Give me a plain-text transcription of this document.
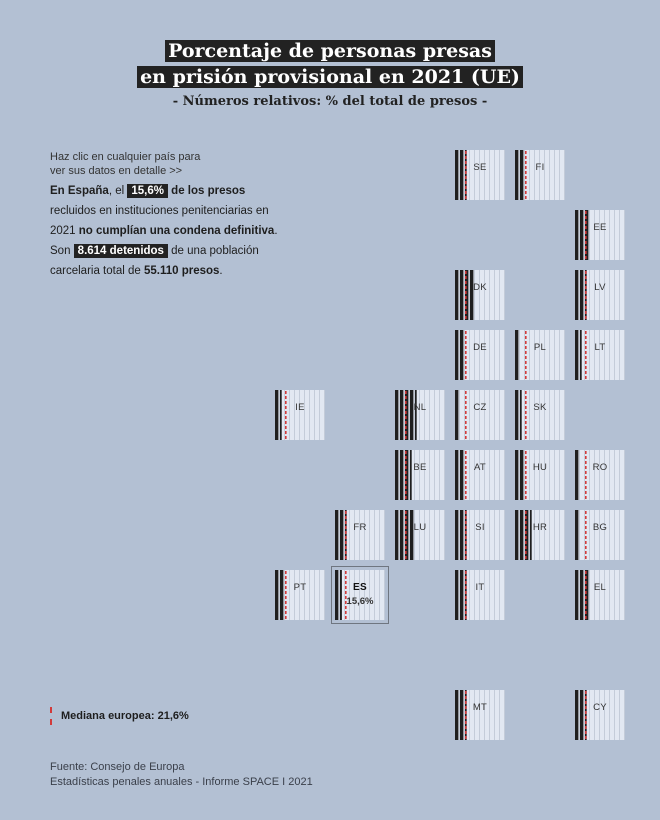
Porcentaje de personas presas
en prisión provisional en 2021 (UE)
- Números relativos: % del total de presos -
Haz clic en cualquier país para
ver sus datos en detalle >>
En España, el 15,6% de los presos recluidos en instituciones penitenciarias en 2021 no cumplían una condena definitiva. Son 8.614 detenidos de una población carcelaria total de 55.110 presos.
SE	FI
EE
DK	LV
DE	PL	LT
IE	NL	CZ	SK
BE	AT	HU	RO
FR	LU	SI	HR	BG
PT	ES
15,6%
IT	EL
MT	CY
Mediana europea: 21,6%
Fuente: Consejo de Europa
Estadísticas penales anuales - Informe SPACE I 2021
